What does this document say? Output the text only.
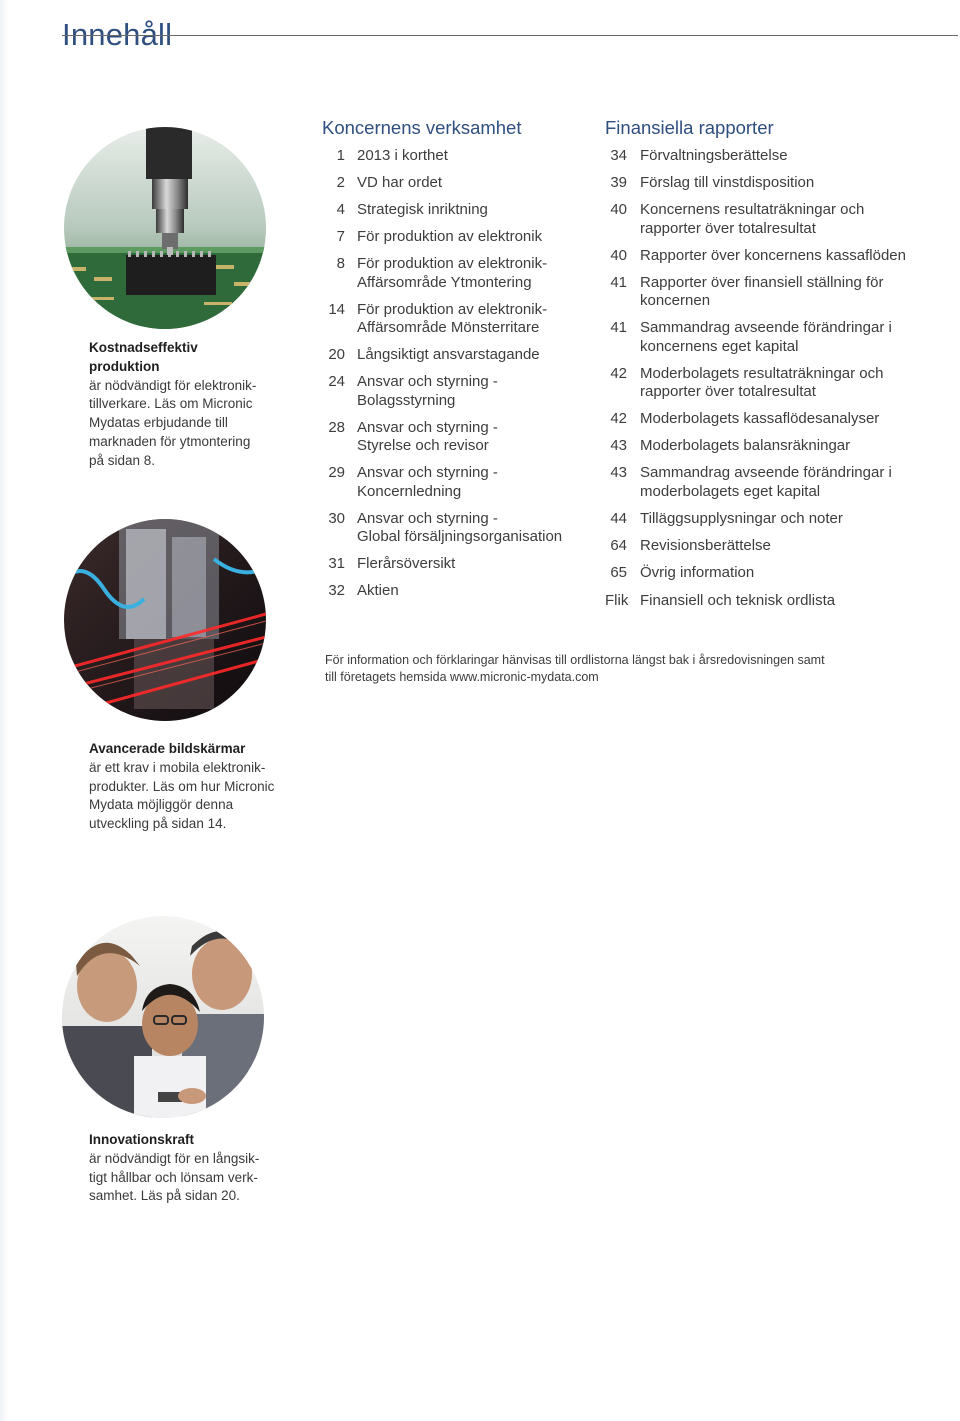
Innehåll
Kostnadseffektiv
produktion
är nödvändigt för elektronik-
tillverkare. Läs om Micronic
Mydatas erbjudande till
marknaden för ytmontering
på sidan 8.
Avancerade bildskärmar
är ett krav i mobila elektronik-
produkter. Läs om hur Micronic
Mydata möjliggör denna
utveckling på sidan 14.
Innovationskraft
är nödvändigt för en långsik-
tigt hållbar och lönsam verk-
samhet. Läs på sidan 20.
Koncernens verksamhet
1 2013 i korthet
2 VD har ordet
4 Strategisk inriktning
7 För produktion av elektronik
8 För produktion av elektronik-
Affärsområde Ytmontering
14 För produktion av elektronik-
Affärsområde Mönsterritare
20 Långsiktigt ansvarstagande
24 Ansvar och styrning -
Bolagsstyrning
28 Ansvar och styrning -
Styrelse och revisor
29 Ansvar och styrning -
Koncernledning
30 Ansvar och styrning -
Global försäljningsorganisation
31 Flerårsöversikt
32 Aktien
Finansiella rapporter
34 Förvaltningsberättelse
39 Förslag till vinstdisposition
40 Koncernens resultaträkningar och
rapporter över totalresultat
40 Rapporter över koncernens kassaflöden
41 Rapporter över finansiell ställning för
koncernen
41 Sammandrag avseende förändringar i
koncernens eget kapital
42 Moderbolagets resultaträkningar och
rapporter över totalresultat
42 Moderbolagets kassaflödesanalyser
43 Moderbolagets balansräkningar
43 Sammandrag avseende förändringar i
moderbolagets eget kapital
44 Tilläggsupplysningar och noter
64 Revisionsberättelse
65 Övrig information
Flik Finansiell och teknisk ordlista
För information och förklaringar hänvisas till ordlistorna längst bak i årsredovisningen samt
till företagets hemsida www.micronic-mydata.com
